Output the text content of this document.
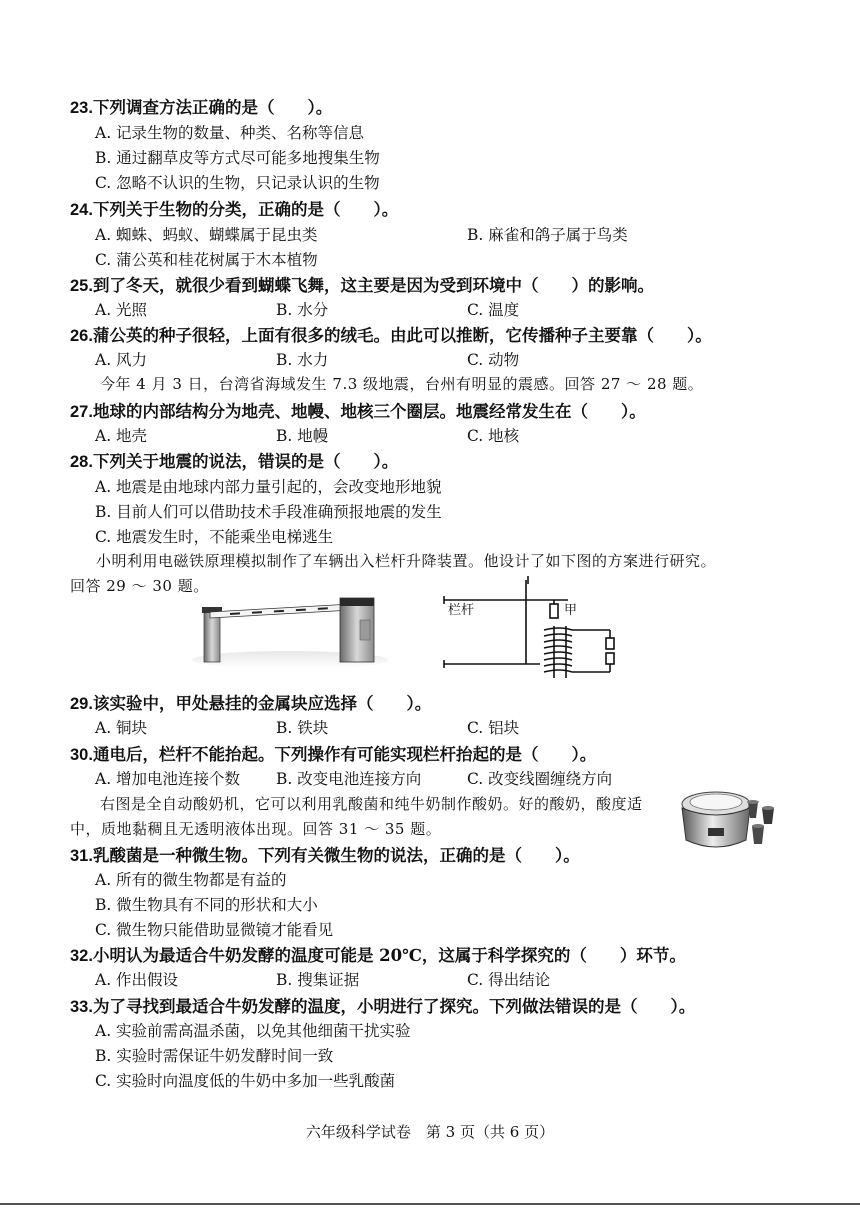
23.下列调查方法正确的是（　　）。
A. 记录生物的数量、种类、名称等信息
B. 通过翻草皮等方式尽可能多地搜集生物
C. 忽略不认识的生物，只记录认识的生物
24.下列关于生物的分类，正确的是（　　）。
A. 蜘蛛、蚂蚁、蝴蝶属于昆虫类	B. 麻雀和鸽子属于鸟类
C. 蒲公英和桂花树属于木本植物
25.到了冬天，就很少看到蝴蝶飞舞，这主要是因为受到环境中（　　）的影响。
A. 光照	B. 水分	C. 温度
26.蒲公英的种子很轻，上面有很多的绒毛。由此可以推断，它传播种子主要靠（　　）。
A. 风力	B. 水力	C. 动物
今年 4 月 3 日，台湾省海域发生 7.3 级地震，台州有明显的震感。回答 27 ～ 28 题。
27.地球的内部结构分为地壳、地幔、地核三个圈层。地震经常发生在（　　）。
A. 地壳	B. 地幔	C. 地核
28.下列关于地震的说法，错误的是（　　）。
A. 地震是由地球内部力量引起的，会改变地形地貌
B. 目前人们可以借助技术手段准确预报地震的发生
C. 地震发生时，不能乘坐电梯逃生
小明利用电磁铁原理模拟制作了车辆出入栏杆升降装置。他设计了如下图的方案进行研究。
回答 29 ～ 30 题。
栏杆	甲
29.该实验中，甲处悬挂的金属块应选择（　　）。
A. 铜块	B. 铁块	C. 铝块
30.通电后，栏杆不能抬起。下列操作有可能实现栏杆抬起的是（　　）。
A. 增加电池连接个数 B. 改变电池连接方向	C. 改变线圈缠绕方向
右图是全自动酸奶机，它可以利用乳酸菌和纯牛奶制作酸奶。好的酸奶，酸度适
中，质地黏稠且无透明液体出现。回答 31 ～ 35 题。
31.乳酸菌是一种微生物。下列有关微生物的说法，正确的是（　　）。
A. 所有的微生物都是有益的
B. 微生物具有不同的形状和大小
C. 微生物只能借助显微镜才能看见
32.小明认为最适合牛奶发酵的温度可能是 20℃，这属于科学探究的（　　）环节。
A. 作出假设	B. 搜集证据	C. 得出结论
33.为了寻找到最适合牛奶发酵的温度，小明进行了探究。下列做法错误的是（　　）。
A. 实验前需高温杀菌，以免其他细菌干扰实验
B. 实验时需保证牛奶发酵时间一致
C. 实验时向温度低的牛奶中多加一些乳酸菌
六年级科学试卷　第 3 页（共 6 页）
